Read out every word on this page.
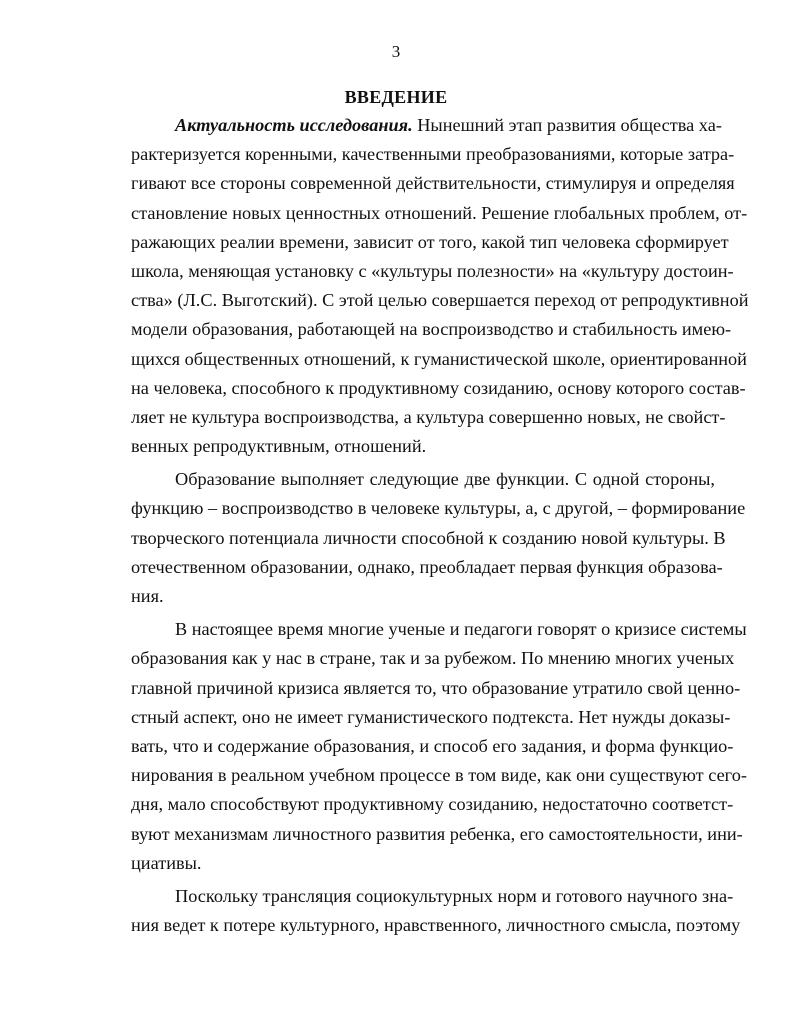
3
ВВЕДЕНИЕ
Актуальность исследования. Нынешний этап развития общества ха-
рактеризуется коренными, качественными преобразованиями, которые затра-
гивают все стороны современной действительности, стимулируя и определяя
становление новых ценностных отношений. Решение глобальных проблем, от-
ражающих реалии времени, зависит от того, какой тип человека сформирует
школа, меняющая установку с «культуры полезности» на «культуру достоин-
ства» (Л.С. Выготский). С этой целью совершается переход от репродуктивной
модели образования, работающей на воспроизводство и стабильность имею-
щихся общественных отношений, к гуманистической школе, ориентированной
на человека, способного к продуктивному созиданию, основу которого состав-
ляет не культура воспроизводства, а культура совершенно новых, не свойст-
венных репродуктивным, отношений.
Образование выполняет следующие две функции. С одной стороны,
функцию – воспроизводство в человеке культуры, а, с другой, – формирование
творческого потенциала личности способной к созданию новой культуры. В
отечественном образовании, однако, преобладает первая функция образова-
ния.
В настоящее время многие ученые и педагоги говорят о кризисе системы
образования как у нас в стране, так и за рубежом. По мнению многих ученых
главной причиной кризиса является то, что образование утратило свой ценно-
стный аспект, оно не имеет гуманистического подтекста. Нет нужды доказы-
вать, что и содержание образования, и способ его задания, и форма функцио-
нирования в реальном учебном процессе в том виде, как они существуют сего-
дня, мало способствуют продуктивному созиданию, недостаточно соответст-
вуют механизмам личностного развития ребенка, его самостоятельности, ини-
циативы.
Поскольку трансляция социокультурных норм и готового научного зна-
ния ведет к потере культурного, нравственного, личностного смысла, поэтому
